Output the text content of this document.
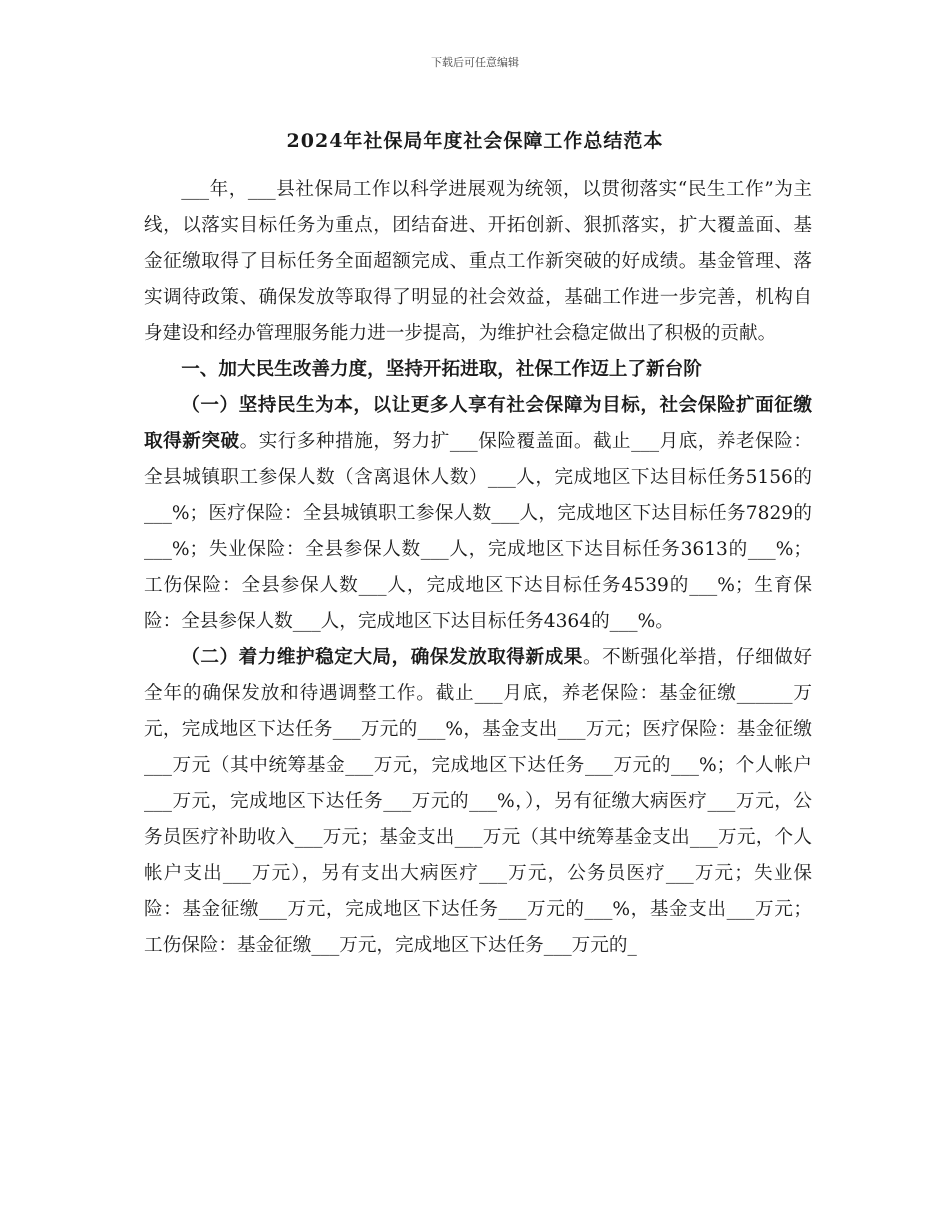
下载后可任意编辑
2024年社保局年度社会保障工作总结范本

___年，___县社保局工作以科学进展观为统领，以贯彻落实“民生工作”为主线，以落实目标任务为重点，团结奋进、开拓创新、狠抓落实，扩大覆盖面、基金征缴取得了目标任务全面超额完成、重点工作新突破的好成绩。基金管理、落实调待政策、确保发放等取得了明显的社会效益，基础工作进一步完善，机构自身建设和经办管理服务能力进一步提高，为维护社会稳定做出了积极的贡献。

一、加大民生改善力度，坚持开拓进取，社保工作迈上了新台阶

（一）坚持民生为本，以让更多人享有社会保障为目标，社会保险扩面征缴取得新突破。实行多种措施，努力扩___保险覆盖面。截止___月底，养老保险：全县城镇职工参保人数（含离退休人数）___人，完成地区下达目标任务5156的___%；医疗保险：全县城镇职工参保人数___人，完成地区下达目标任务7829的___%；失业保险：全县参保人数___人，完成地区下达目标任务3613的___%；工伤保险：全县参保人数___人，完成地区下达目标任务4539的___%；生育保险：全县参保人数___人，完成地区下达目标任务4364的___%。

（二）着力维护稳定大局，确保发放取得新成果。不断强化举措，仔细做好全年的确保发放和待遇调整工作。截止___月底，养老保险：基金征缴______万元，完成地区下达任务___万元的___%，基金支出___万元；医疗保险：基金征缴___万元（其中统筹基金___万元，完成地区下达任务___万元的___%；个人帐户___万元，完成地区下达任务___万元的___%，），另有征缴大病医疗___万元，公务员医疗补助收入___万元；基金支出___万元（其中统筹基金支出___万元，个人帐户支出___万元），另有支出大病医疗___万元，公务员医疗___万元；失业保险：基金征缴___万元，完成地区下达任务___万元的___%，基金支出___万元；工伤保险：基金征缴___万元，完成地区下达任务___万元的_
